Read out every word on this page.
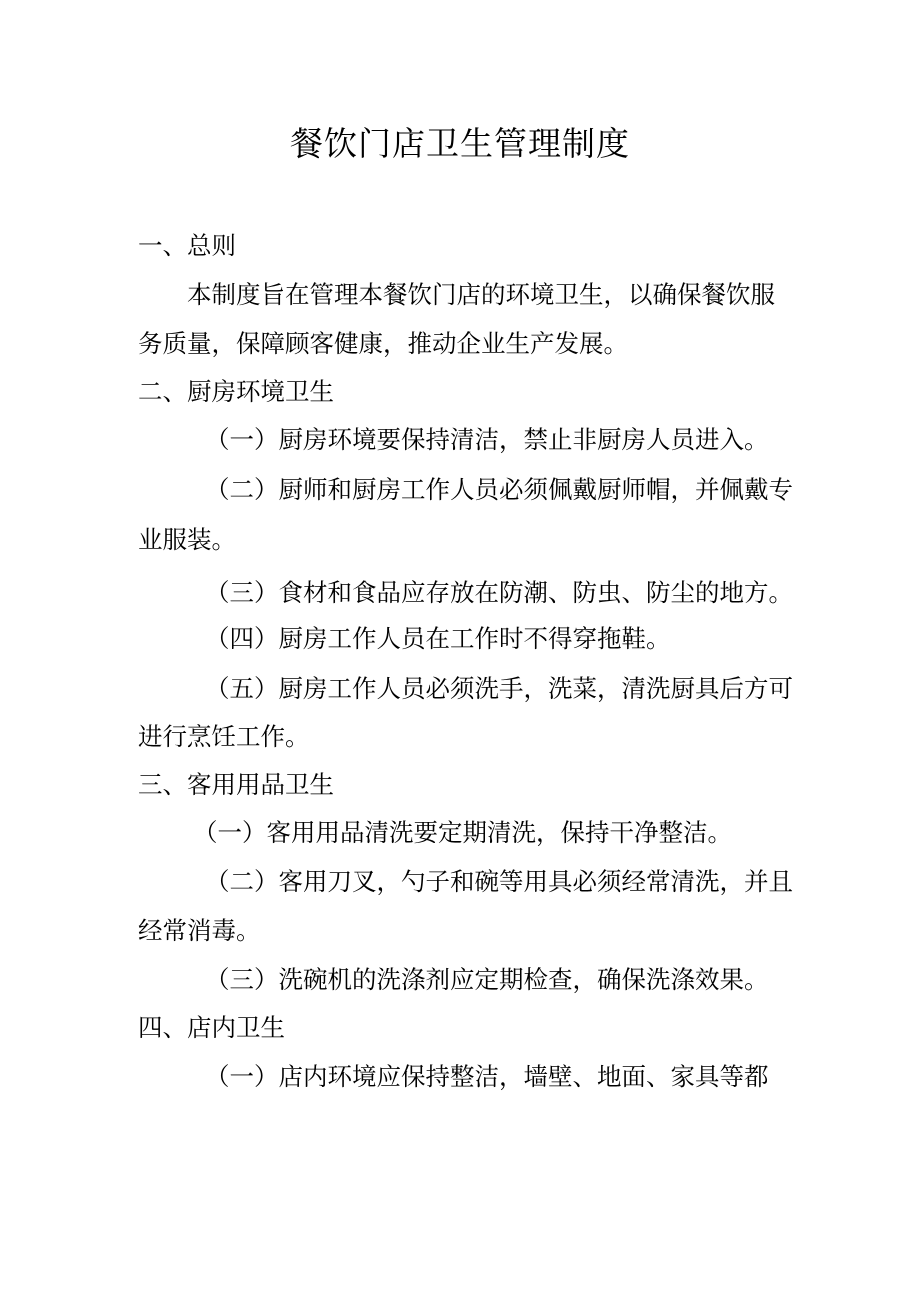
餐饮门店卫生管理制度
一、总则
本制度旨在管理本餐饮门店的环境卫生，以确保餐饮服
务质量，保障顾客健康，推动企业生产发展。
二、厨房环境卫生
（一）厨房环境要保持清洁，禁止非厨房人员进入。
（二）厨师和厨房工作人员必须佩戴厨师帽，并佩戴专
业服装。
（三）食材和食品应存放在防潮、防虫、防尘的地方。
（四）厨房工作人员在工作时不得穿拖鞋。
（五）厨房工作人员必须洗手，洗菜，清洗厨具后方可
进行烹饪工作。
三、客用用品卫生
（一）客用用品清洗要定期清洗，保持干净整洁。
（二）客用刀叉，勺子和碗等用具必须经常清洗，并且
经常消毒。
（三）洗碗机的洗涤剂应定期检查，确保洗涤效果。
四、店内卫生
（一）店内环境应保持整洁，墙壁、地面、家具等都
